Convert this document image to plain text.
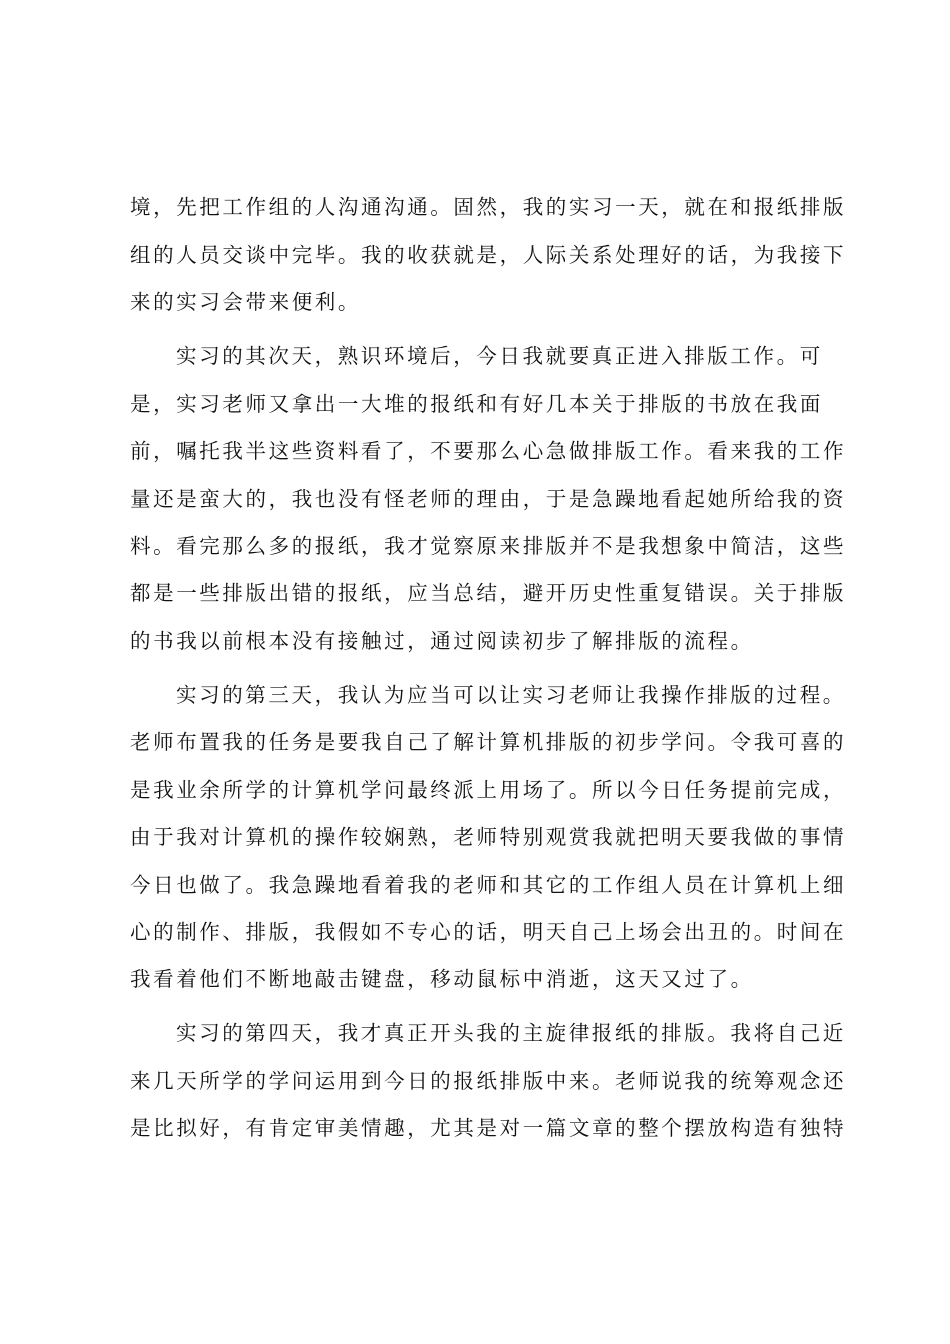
境，先把工作组的人沟通沟通。固然，我的实习一天，就在和报纸排版
组的人员交谈中完毕。我的收获就是，人际关系处理好的话，为我接下
来的实习会带来便利。
实习的其次天，熟识环境后，今日我就要真正进入排版工作。可
是，实习老师又拿出一大堆的报纸和有好几本关于排版的书放在我面
前，嘱托我半这些资料看了，不要那么心急做排版工作。看来我的工作
量还是蛮大的，我也没有怪老师的理由，于是急躁地看起她所给我的资
料。看完那么多的报纸，我才觉察原来排版并不是我想象中简洁，这些
都是一些排版出错的报纸，应当总结，避开历史性重复错误。关于排版
的书我以前根本没有接触过，通过阅读初步了解排版的流程。
实习的第三天，我认为应当可以让实习老师让我操作排版的过程。
老师布置我的任务是要我自己了解计算机排版的初步学问。令我可喜的
是我业余所学的计算机学问最终派上用场了。所以今日任务提前完成，
由于我对计算机的操作较娴熟，老师特别观赏我就把明天要我做的事情
今日也做了。我急躁地看着我的老师和其它的工作组人员在计算机上细
心的制作、排版，我假如不专心的话，明天自己上场会出丑的。时间在
我看着他们不断地敲击键盘，移动鼠标中消逝，这天又过了。
实习的第四天，我才真正开头我的主旋律报纸的排版。我将自己近
来几天所学的学问运用到今日的报纸排版中来。老师说我的统筹观念还
是比拟好，有肯定审美情趣，尤其是对一篇文章的整个摆放构造有独特
